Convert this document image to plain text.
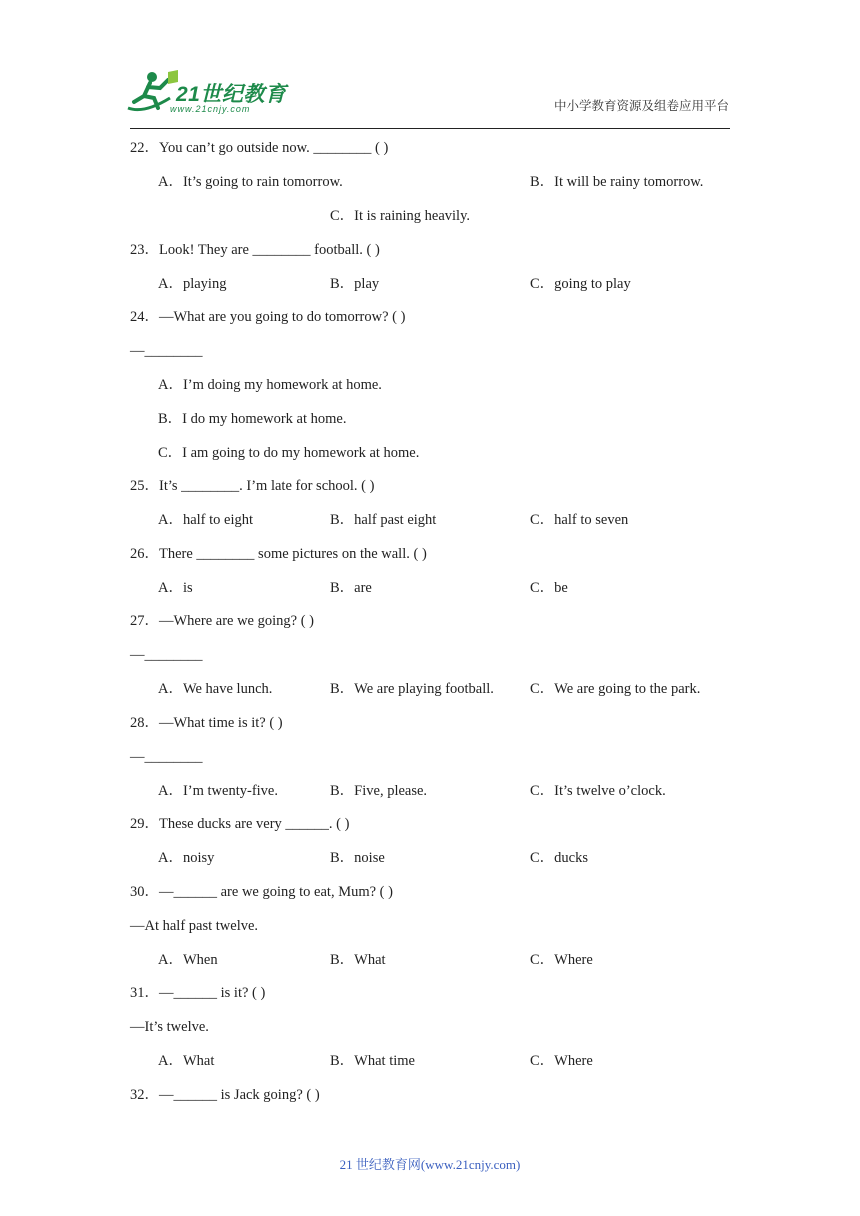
21世纪教育
www.21cnjy.com	中小学教育资源及组卷应用平台
22．You can’t go outside now. ________ ( )
A．It’s going to rain tomorrow.	B．It will be rainy tomorrow.
C．It is raining heavily.
23．Look! They are ________ football. ( )
A．playing	B．play	C．going to play
24．—What are you going to do tomorrow? ( )
—________
A．I’m doing my homework at home.
B．I do my homework at home.
C．I am going to do my homework at home.
25．It’s ________. I’m late for school. ( )
A．half to eight	B．half past eight	C．half to seven
26．There ________ some pictures on the wall. ( )
A．is	B．are	C．be
27．—Where are we going? ( )
—________
A．We have lunch.	B．We are playing football. C．We are going to the park.
28．—What time is it? ( )
—________
A．I’m twenty-five.	B．Five, please.	C．It’s twelve o’clock.
29．These ducks are very ______. ( )
A．noisy	B．noise	C．ducks
30．—______ are we going to eat, Mum? ( )
—At half past twelve.
A．When	B．What	C．Where
31．—______ is it? ( )
—It’s twelve.
A．What	B．What time	C．Where
32．—______ is Jack going? ( )
21 世纪教育网(www.21cnjy.com)
